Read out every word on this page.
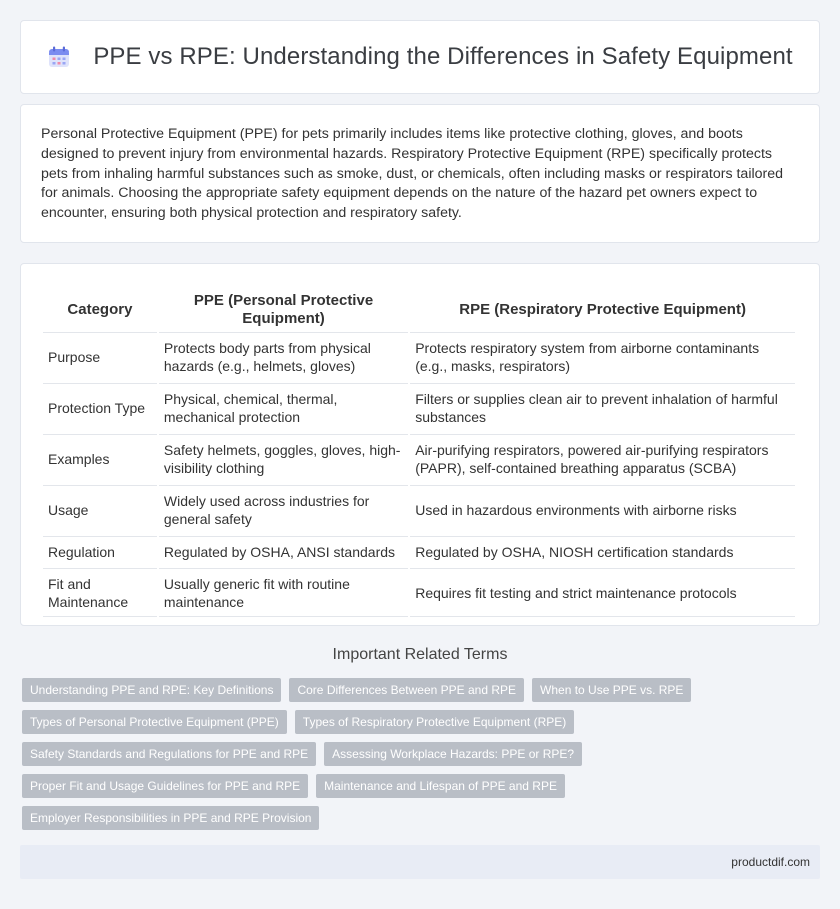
PPE vs RPE: Understanding the Differences in Safety Equipment

Personal Protective Equipment (PPE) for pets primarily includes items like protective clothing, gloves, and boots designed to prevent injury from environmental hazards. Respiratory Protective Equipment (RPE) specifically protects pets from inhaling harmful substances such as smoke, dust, or chemicals, often including masks or respirators tailored for animals. Choosing the appropriate safety equipment depends on the nature of the hazard pet owners expect to encounter, ensuring both physical protection and respiratory safety.

Category	PPE (Personal Protective Equipment)	RPE (Respiratory Protective Equipment)
Purpose	Protects body parts from physical hazards (e.g., helmets, gloves)	Protects respiratory system from airborne contaminants (e.g., masks, respirators)
Protection Type	Physical, chemical, thermal, mechanical protection	Filters or supplies clean air to prevent inhalation of harmful substances
Examples	Safety helmets, goggles, gloves, high-visibility clothing	Air-purifying respirators, powered air-purifying respirators (PAPR), self-contained breathing apparatus (SCBA)
Usage	Widely used across industries for general safety	Used in hazardous environments with airborne risks
Regulation	Regulated by OSHA, ANSI standards	Regulated by OSHA, NIOSH certification standards
Fit and Maintenance	Usually generic fit with routine maintenance	Requires fit testing and strict maintenance protocols
Important Related Terms
Understanding PPE and RPE: Key Definitions	Core Differences Between PPE and RPE	When to Use PPE vs. RPE
Types of Personal Protective Equipment (PPE)	Types of Respiratory Protective Equipment (RPE)
Safety Standards and Regulations for PPE and RPE	Assessing Workplace Hazards: PPE or RPE?
Proper Fit and Usage Guidelines for PPE and RPE	Maintenance and Lifespan of PPE and RPE
Employer Responsibilities in PPE and RPE Provision
productdif.com
